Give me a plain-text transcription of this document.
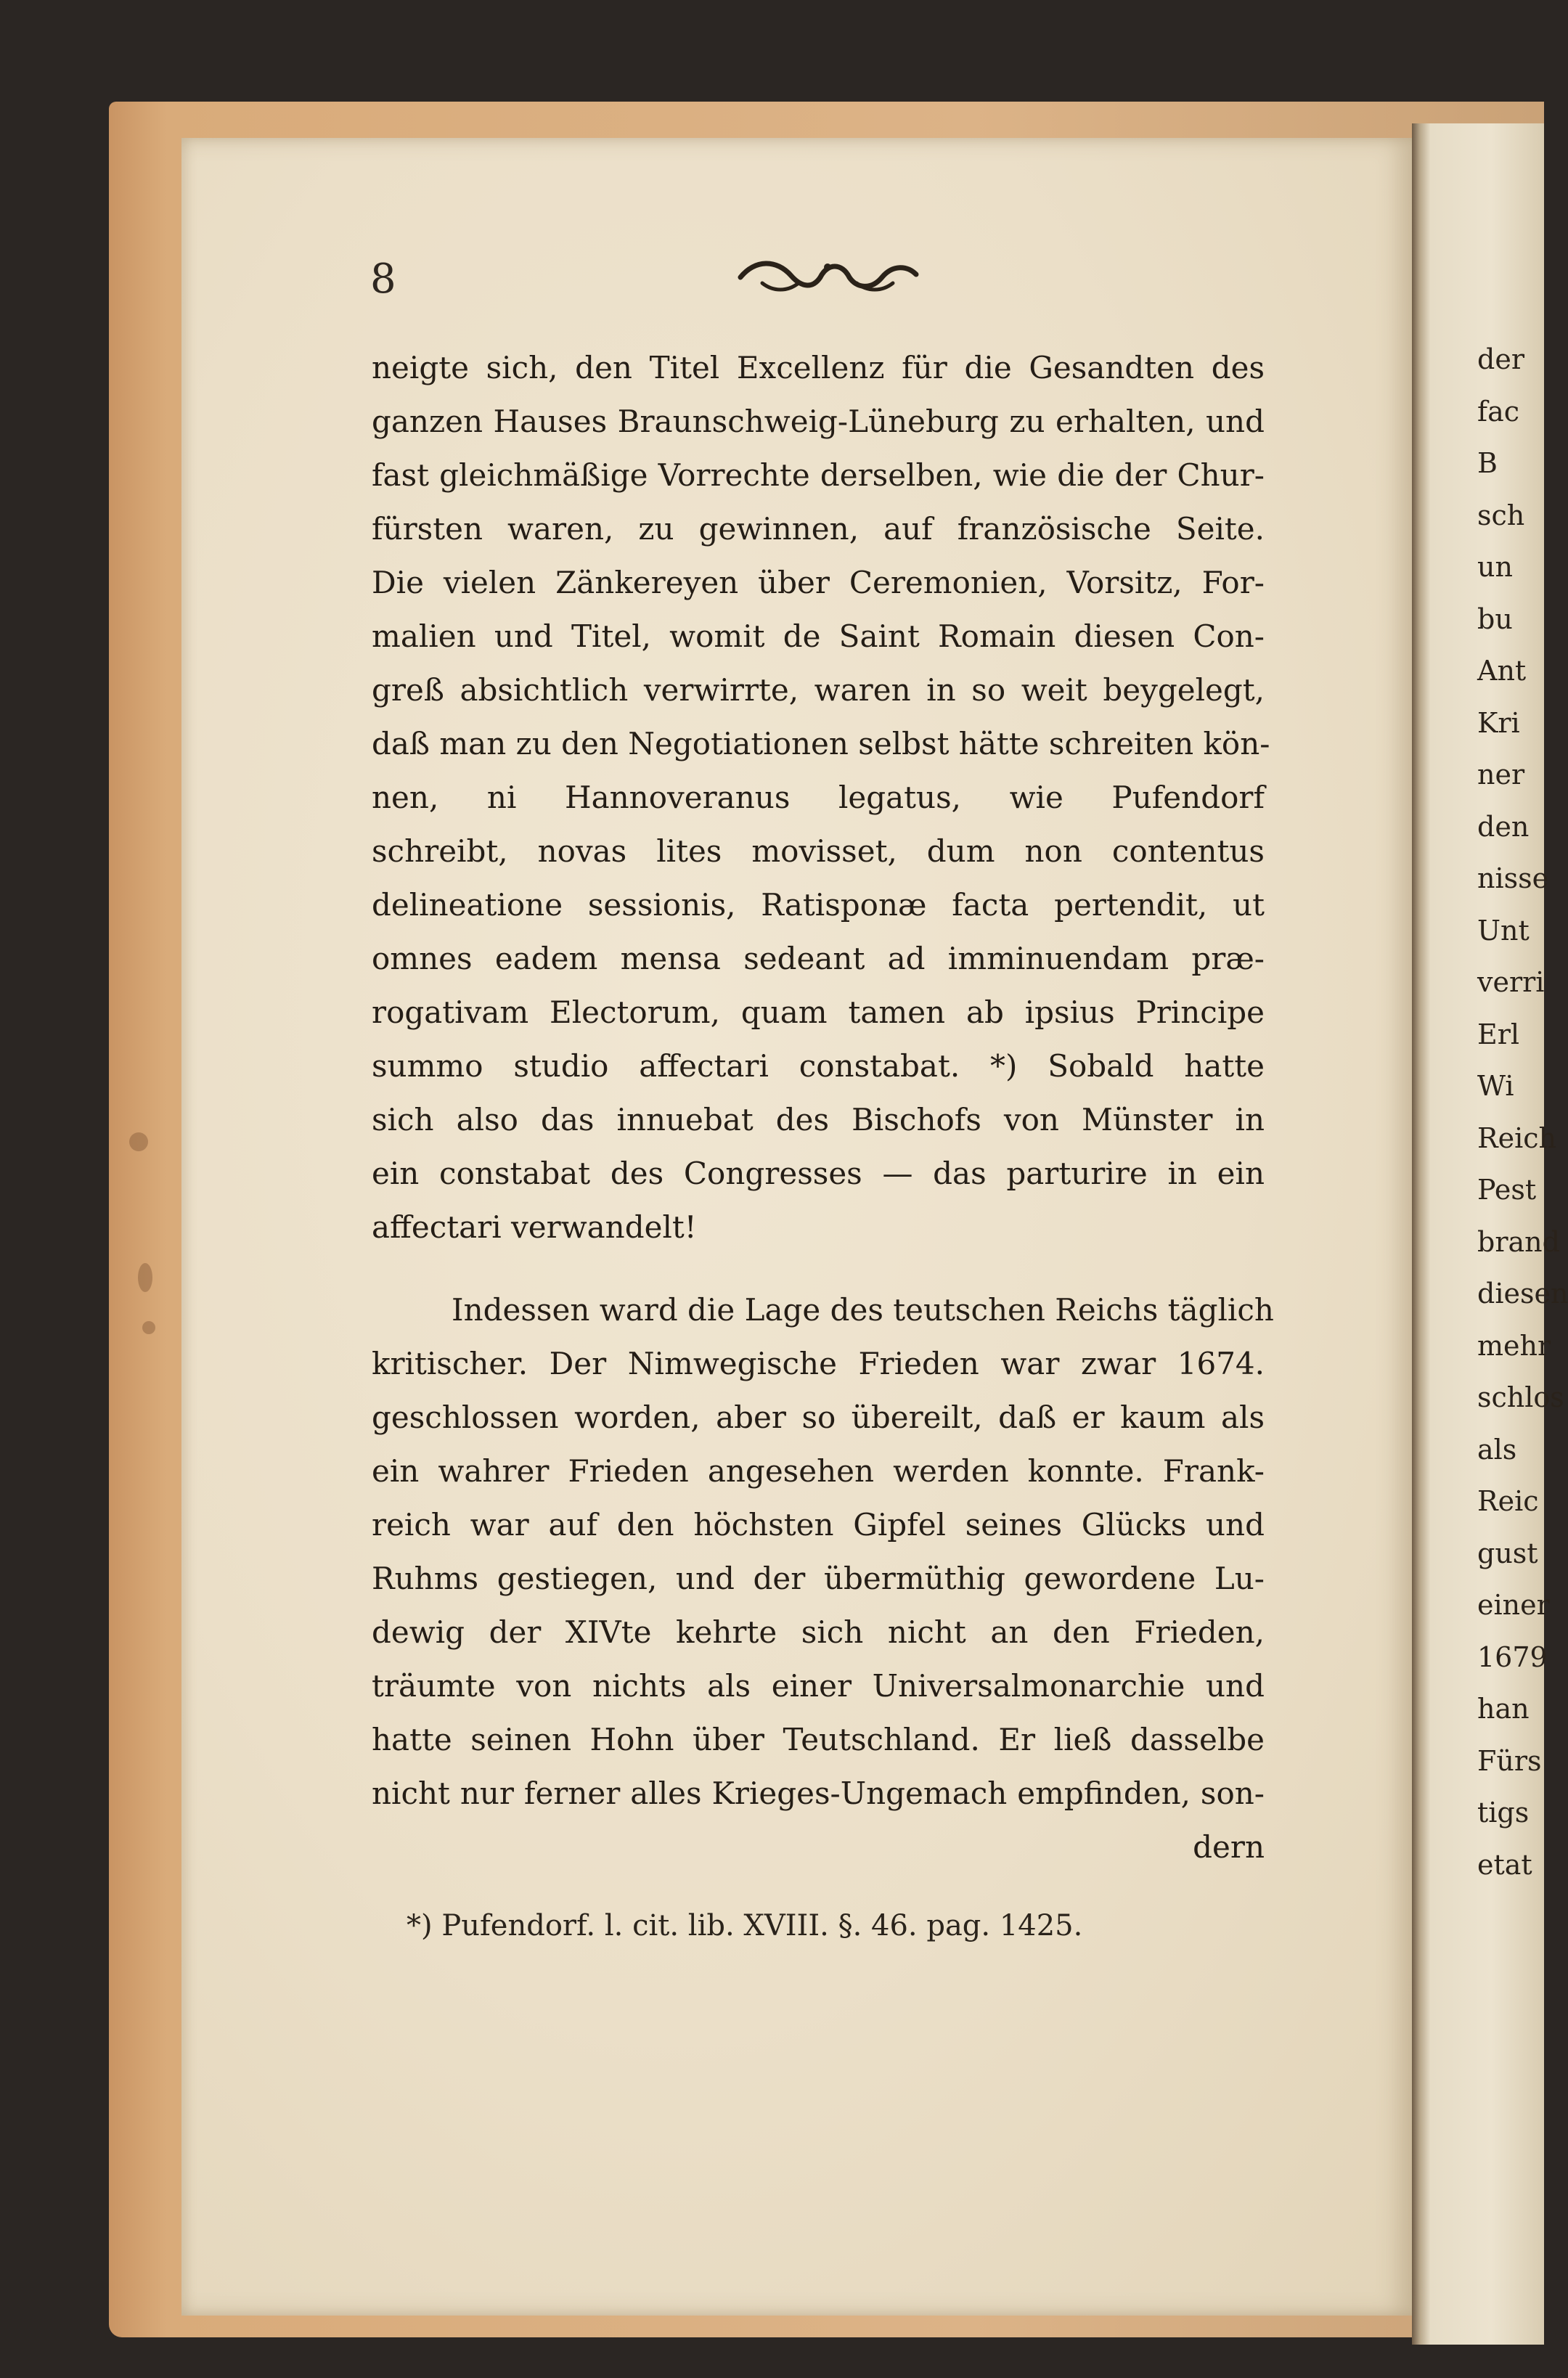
der
fac
B
sch
un
bu
Ant
Kri
ner
den
nisse
Unt
verri
Erl
Wi
Reich
Pest
brand
diesen
mehr
schlos
als
Reic
gust
einer
1679
han
Fürs
tigs
etat
8
neigte sich, den Titel Excellenz für die Gesandten des
ganzen Hauses Braunschweig-Lüneburg zu erhalten, und
fast gleichmäßige Vorrechte derselben, wie die der Chur-
fürsten waren, zu gewinnen, auf französische Seite.
Die vielen Zänkereyen über Ceremonien, Vorsitz, For-
malien und Titel, womit de Saint Romain diesen Con-
greß absichtlich verwirrte, waren in so weit beygelegt,
daß man zu den Negotiationen selbst hätte schreiten kön-
nen, ni Hannoveranus legatus, wie Pufendorf
schreibt, novas lites movisset, dum non contentus
delineatione sessionis, Ratisponæ facta pertendit, ut
omnes eadem mensa sedeant ad imminuendam præ-
rogativam Electorum, quam tamen ab ipsius Principe
summo studio affectari constabat. *) Sobald hatte
sich also das innuebat des Bischofs von Münster in
ein constabat des Congresses — das parturire in ein
affectari verwandelt!
Indessen ward die Lage des teutschen Reichs täglich
kritischer. Der Nimwegische Frieden war zwar 1674.
geschlossen worden, aber so übereilt, daß er kaum als
ein wahrer Frieden angesehen werden konnte. Frank-
reich war auf den höchsten Gipfel seines Glücks und
Ruhms gestiegen, und der übermüthig gewordene Lu-
dewig der XIVte kehrte sich nicht an den Frieden,
träumte von nichts als einer Universalmonarchie und
hatte seinen Hohn über Teutschland. Er ließ dasselbe
nicht nur ferner alles Krieges-Ungemach empfinden, son-
dern
*) Pufendorf. l. cit. lib. XVIII. §. 46. pag. 1425.
